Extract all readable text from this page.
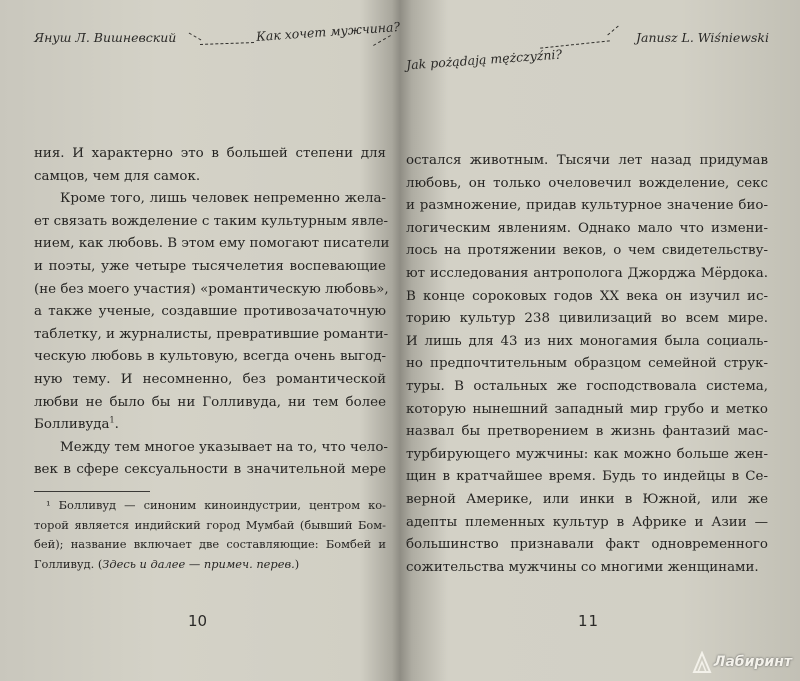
Януш Л. Вишневский	Как хочет мужчина?

ния. И характерно это в большей степени для
самцов, чем для самок.

Кроме того, лишь человек непременно жела-
ет связать вожделение с таким культурным явле-
нием, как любовь. В этом ему помогают писатели
и поэты, уже четыре тысячелетия воспевающие
(не без моего участия) «романтическую любовь»,
а также ученые, создавшие противозачаточную
таблетку, и журналисты, превратившие романти-
ческую любовь в культовую, всегда очень выгод-
ную тему. И несомненно, без романтической
любви не было бы ни Голливуда, ни тем более
Болливуда$^1$.

Между тем многое указывает на то, что чело-
век в сфере сексуальности в значительной мере

¹ Болливуд — синоним киноиндустрии, центром ко-
торой является индийский город Мумбай (бывший Бом-
бей); название включает две составляющие: Бомбей и
Голливуд. (Здесь и далее — примеч. перев.)
10
Jak pożądają mężczyźni?
Janusz L. Wiśniewski
остался животным. Тысячи лет назад придумав
любовь, он только очеловечил вожделение, секс
и размножение, придав культурное значение био-
логическим явлениям. Однако мало что измени-
лось на протяжении веков, о чем свидетельству-
ют исследования антрополога Джорджа Мёрдока.
В конце сороковых годов XX века он изучил ис-
торию культур 238 цивилизаций во всем мире.
И лишь для 43 из них моногамия была социаль-
но предпочтительным образцом семейной струк-
туры. В остальных же господствовала система,
которую нынешний западный мир грубо и метко
назвал бы претворением в жизнь фантазий мас-
турбирующего мужчины: как можно больше жен-
щин в кратчайшее время. Будь то индейцы в Се-
верной Америке, или инки в Южной, или же
адепты племенных культур в Африке и Азии —
большинство признавали факт одновременного
сожительства мужчины со многими женщинами.
11
Лабиринт
